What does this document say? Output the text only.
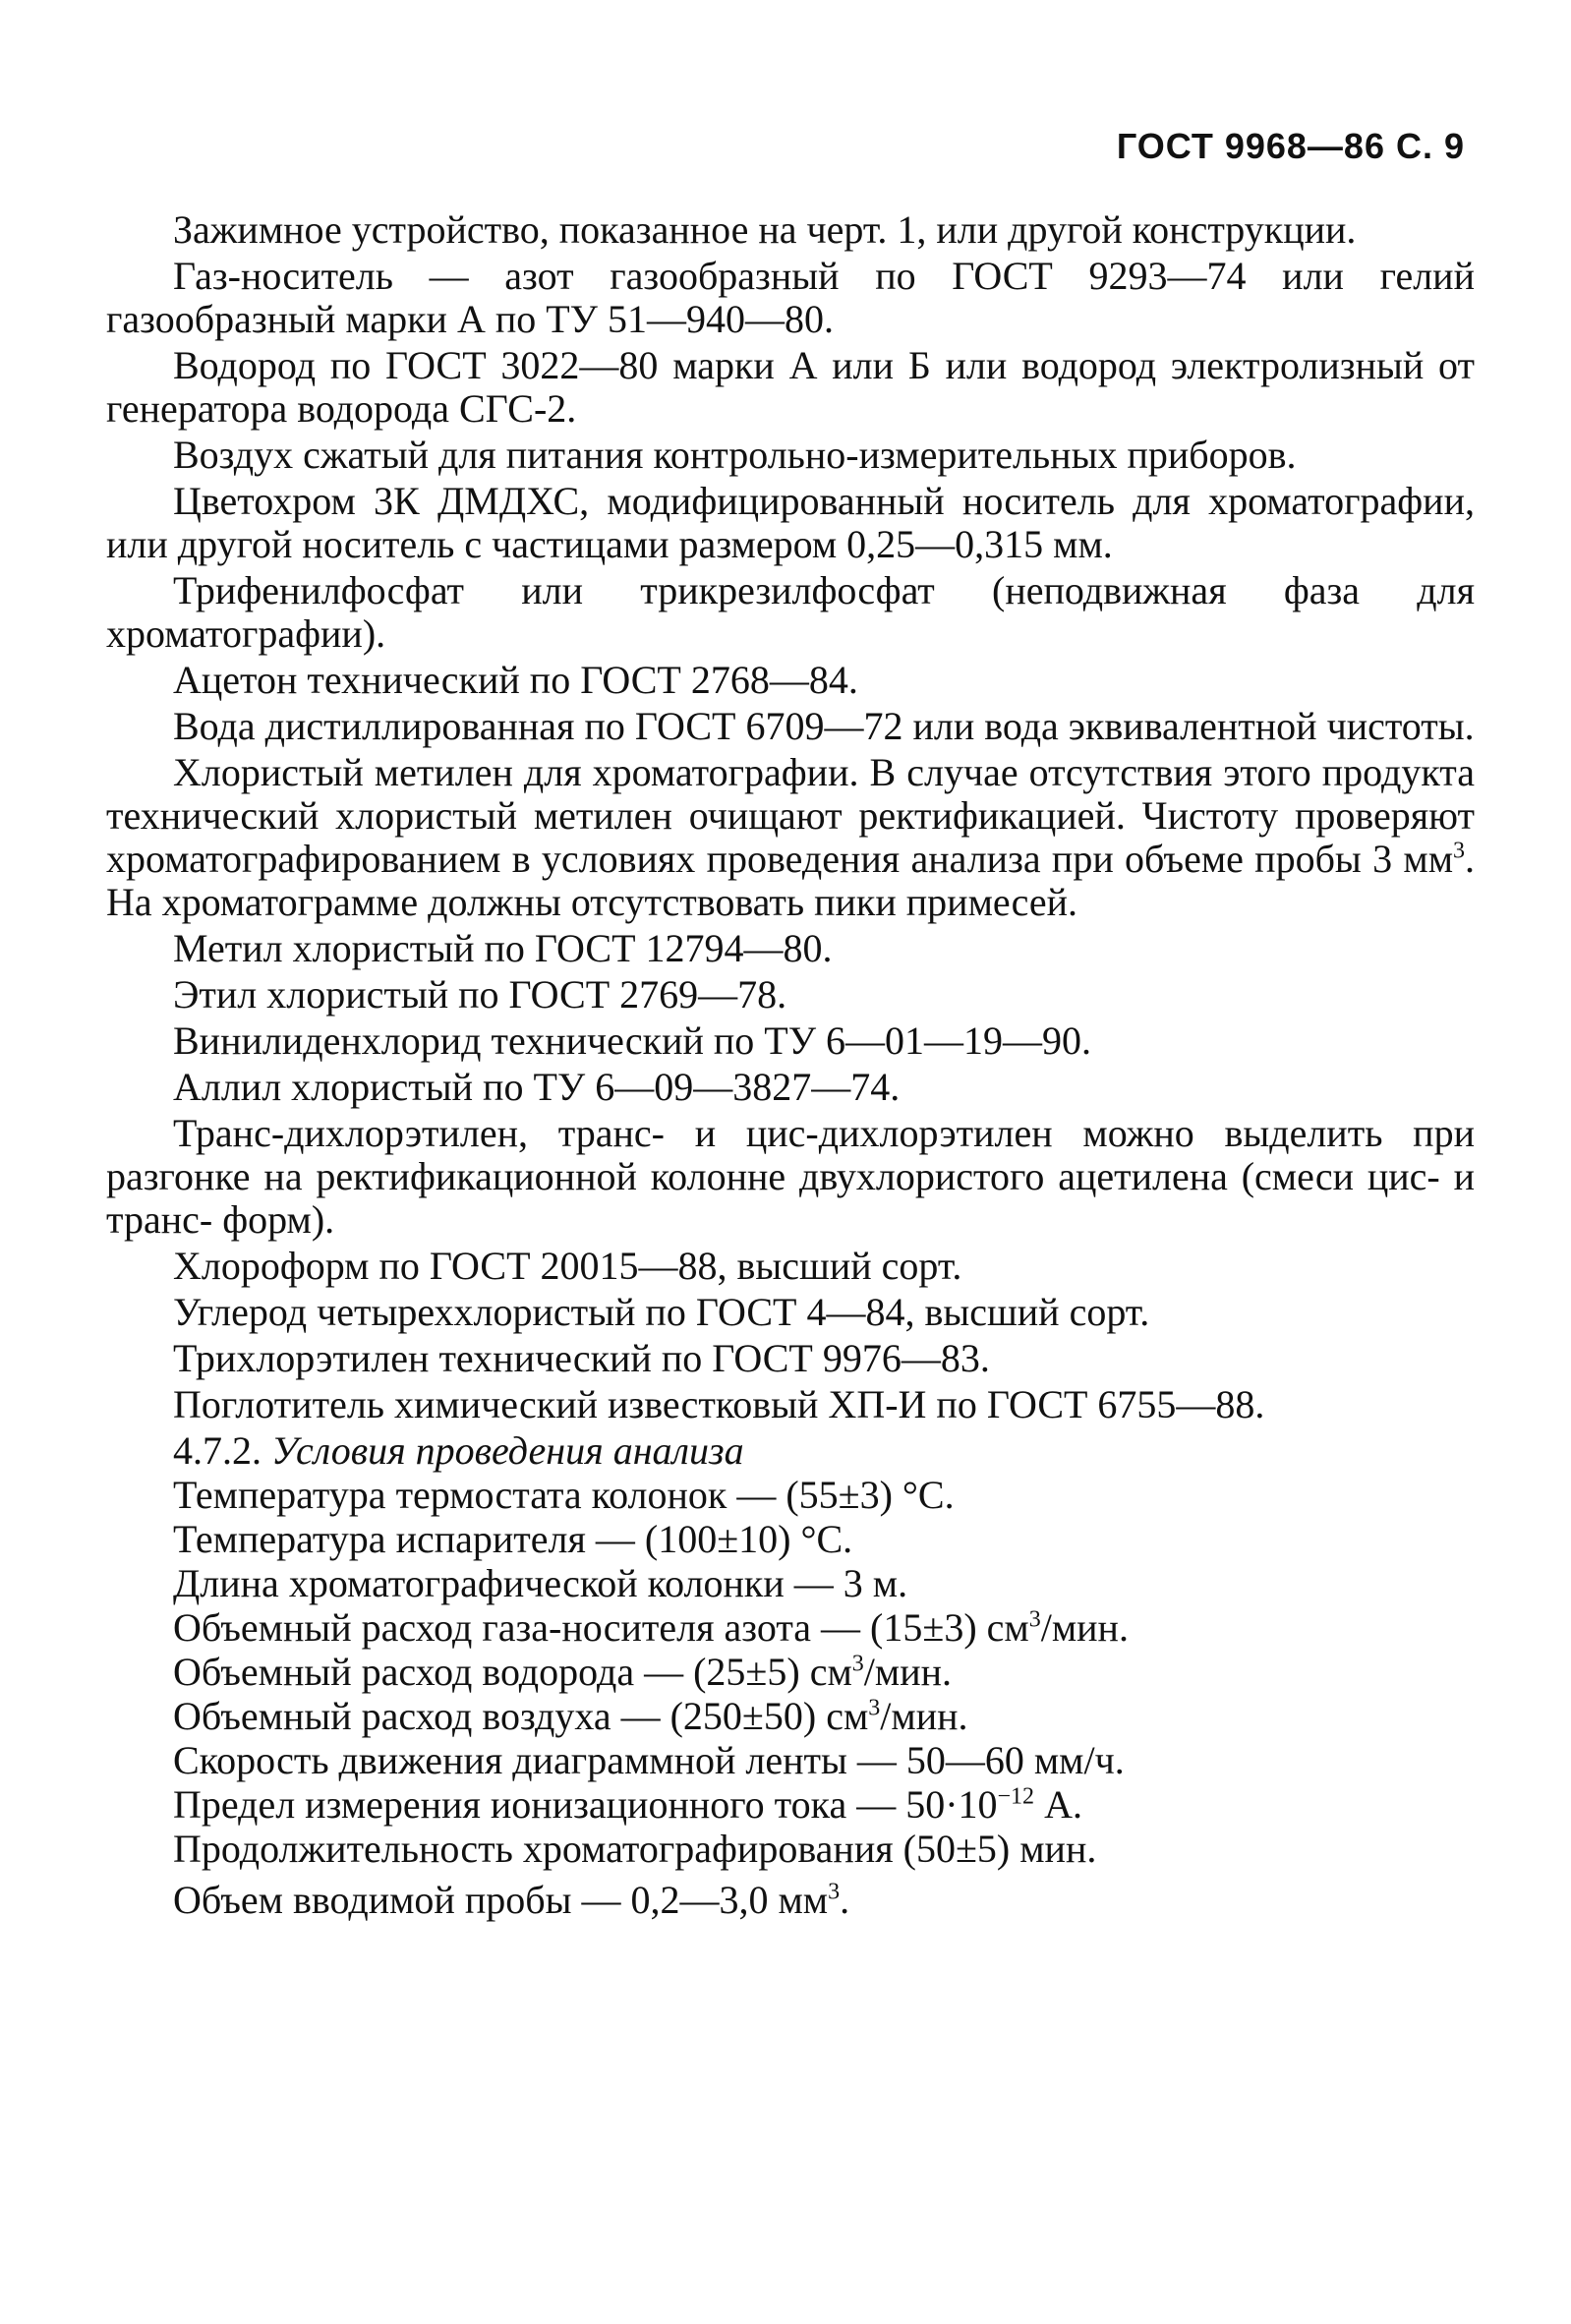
ГОСТ 9968—86 С. 9

Зажимное устройство, показанное на черт. 1, или другой конструкции.

Газ-носитель — азот газообразный по ГОСТ 9293—74 или гелий газообразный марки А по ТУ 51—940—80.

Водород по ГОСТ 3022—80 марки А или Б или водород электролизный от генератора водорода СГС-2.

Воздух сжатый для питания контрольно-измерительных приборов.

Цветохром 3К ДМДХС, модифицированный носитель для хроматографии, или другой носитель с частицами размером 0,25—0,315 мм.

Трифенилфосфат или трикрезилфосфат (неподвижная фаза для хроматографии).

Ацетон технический по ГОСТ 2768—84.

Вода дистиллированная по ГОСТ 6709—72 или вода эквивалентной чистоты.

Хлористый метилен для хроматографии. В случае отсутствия этого продукта технический хлористый метилен очищают ректификацией. Чистоту проверяют хроматографированием в условиях проведения анализа при объеме пробы 3 $мм^3$. На хроматограмме должны отсутствовать пики примесей.

Метил хлористый по ГОСТ 12794—80.

Этил хлористый по ГОСТ 2769—78.

Винилиденхлорид технический по ТУ 6—01—19—90.

Аллил хлористый по ТУ 6—09—3827—74.

Транс-дихлорэтилен, транс- и цис-дихлорэтилен можно выделить при разгонке на ректификационной колонне двухлористого ацетилена (смеси цис- и транс- форм).

Хлороформ по ГОСТ 20015—88, высший сорт.

Углерод четыреххлористый по ГОСТ 4—84, высший сорт.

Трихлорэтилен технический по ГОСТ 9976—83.

Поглотитель химический известковый ХП-И по ГОСТ 6755—88.

4.7.2. Условия проведения анализа

Температура термостата колонок — (55±3) °С.

Температура испарителя — (100±10) °С.

Длина хроматографической колонки — 3 м.

Объемный расход газа-носителя азота — (15±3) $см^3$/мин.

Объемный расход водорода — (25±5) $см^3$/мин.

Объемный расход воздуха — (250±50) $см^3$/мин.

Скорость движения диаграммной ленты — 50—60 мм/ч.

Предел измерения ионизационного тока — $50\cdot 10^{-12}$ А.

Продолжительность хроматографирования (50±5) мин.

Объем вводимой пробы — 0,2—3,0 $мм^3$.
